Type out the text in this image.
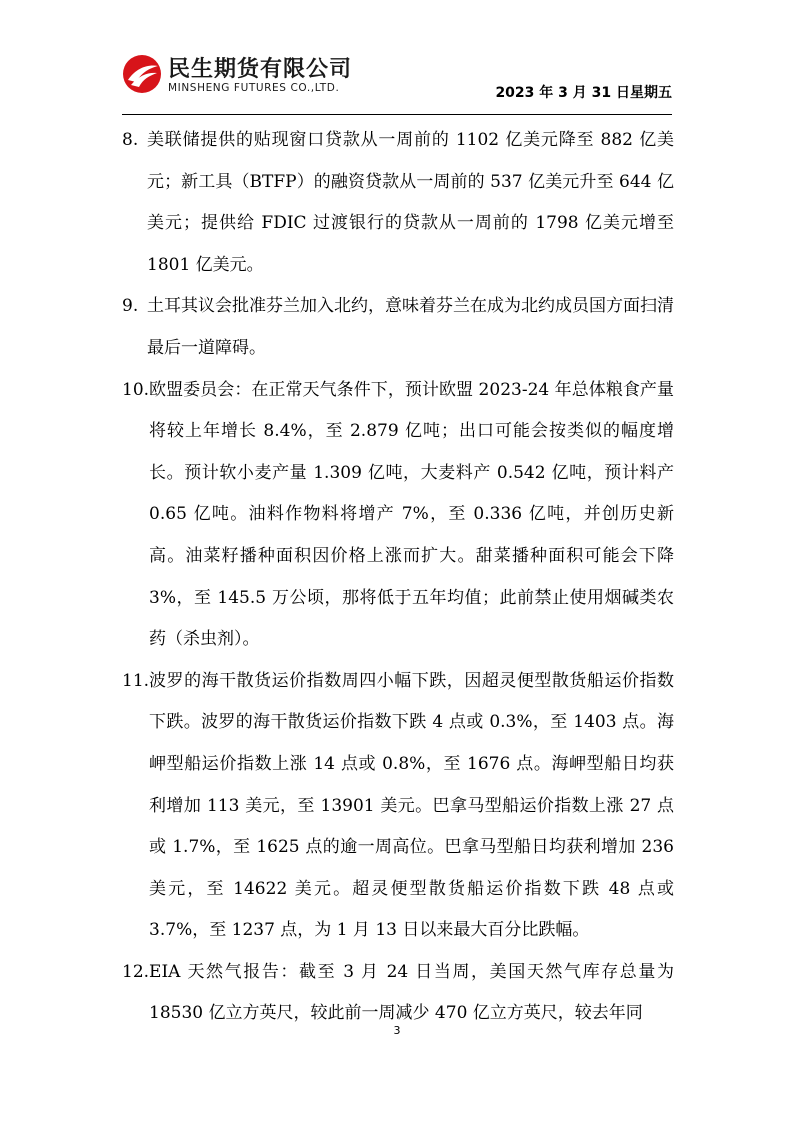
民生期货有限公司
MINSHENG FUTURES CO.,LTD.	2023 年 3 月 31 日星期五
8. 美联储提供的贴现窗口贷款从一周前的 1102 亿美元降至 882 亿美元；新工具（BTFP）的融资贷款从一周前的 537 亿美元升至 644 亿美元；提供给 FDIC 过渡银行的贷款从一周前的 1798 亿美元增至 1801 亿美元。
9. 土耳其议会批准芬兰加入北约，意味着芬兰在成为北约成员国方面扫清最后一道障碍。
10. 欧盟委员会：在正常天气条件下，预计欧盟 2023-24 年总体粮食产量将较上年增长 8.4%，至 2.879 亿吨；出口可能会按类似的幅度增长。预计软小麦产量 1.309 亿吨，大麦料产 0.542 亿吨，预计料产 0.65 亿吨。油料作物料将增产 7%，至 0.336 亿吨，并创历史新高。油菜籽播种面积因价格上涨而扩大。甜菜播种面积可能会下降 3%，至 145.5 万公顷，那将低于五年均值；此前禁止使用烟碱类农药（杀虫剂）。
11. 波罗的海干散货运价指数周四小幅下跌，因超灵便型散货船运价指数下跌。波罗的海干散货运价指数下跌 4 点或 0.3%，至 1403 点。海岬型船运价指数上涨 14 点或 0.8%，至 1676 点。海岬型船日均获利增加 113 美元，至 13901 美元。巴拿马型船运价指数上涨 27 点或 1.7%，至 1625 点的逾一周高位。巴拿马型船日均获利增加 236 美元，至 14622 美元。超灵便型散货船运价指数下跌 48 点或 3.7%，至 1237 点，为 1 月 13 日以来最大百分比跌幅。
12. EIA 天然气报告：截至 3 月 24 日当周，美国天然气库存总量为 18530 亿立方英尺，较此前一周减少 470 亿立方英尺，较去年同
3
